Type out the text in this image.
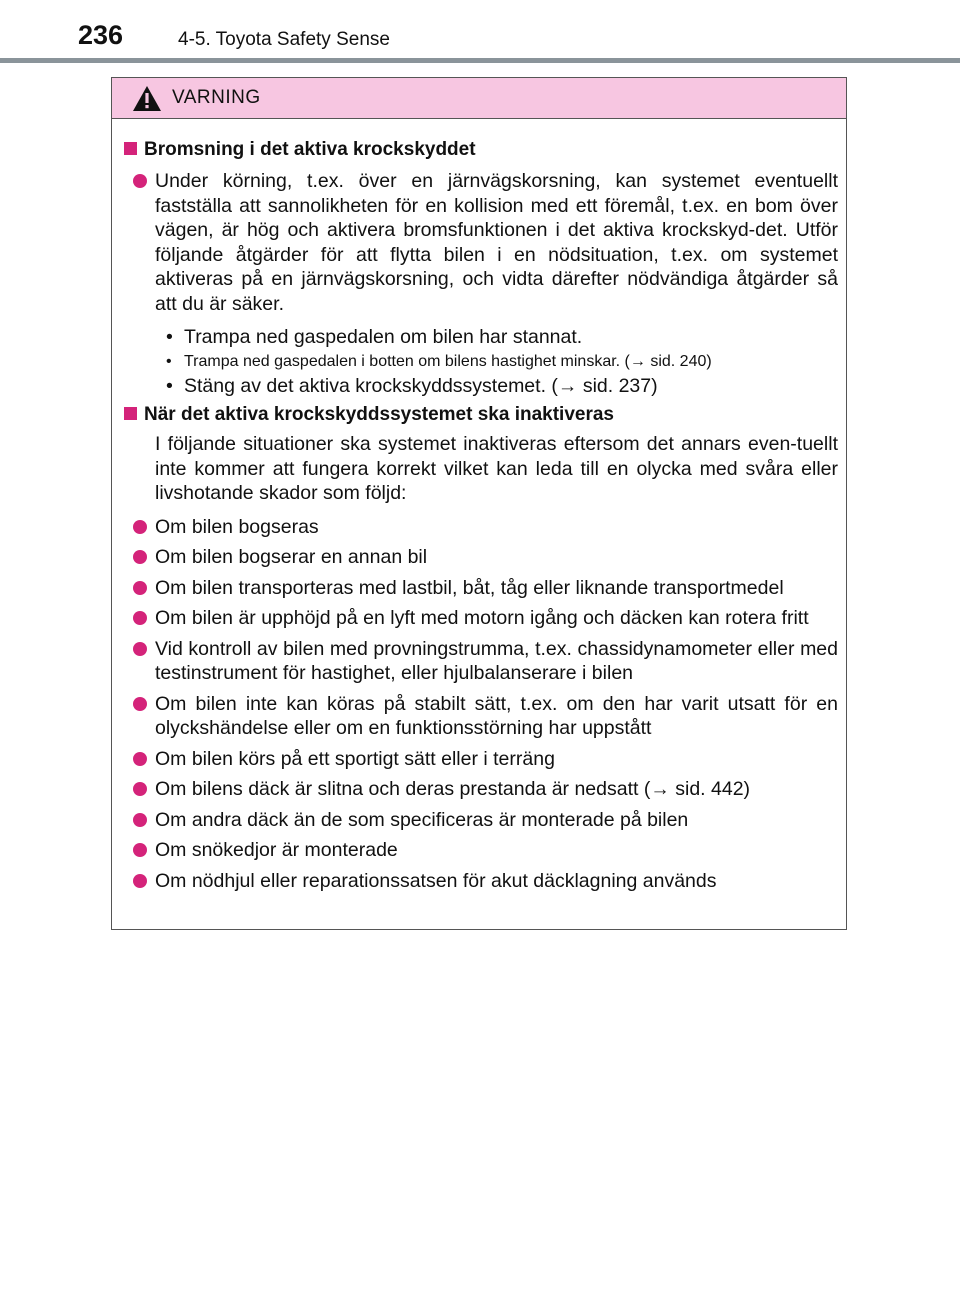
236	4-5. Toyota Safety Sense
VARNING
Bromsning i det aktiva krockskyddet
Under körning, t.ex. över en järnvägskorsning, kan systemet eventuellt fastställa att sannolikheten för en kollision med ett föremål, t.ex. en bom över vägen, är hög och aktivera bromsfunktionen i det aktiva krockskyd-det. Utför följande åtgärder för att flytta bilen i en nödsituation, t.ex. om systemet aktiveras på en järnvägskorsning, och vidta därefter nödvändiga åtgärder så att du är säker.
• Trampa ned gaspedalen om bilen har stannat.
• Trampa ned gaspedalen i botten om bilens hastighet minskar. (→ sid. 240)
• Stäng av det aktiva krockskyddssystemet. (→ sid. 237)
När det aktiva krockskyddssystemet ska inaktiveras
I följande situationer ska systemet inaktiveras eftersom det annars even-tuellt inte kommer att fungera korrekt vilket kan leda till en olycka med svåra eller livshotande skador som följd:
Om bilen bogseras
Om bilen bogserar en annan bil
Om bilen transporteras med lastbil, båt, tåg eller liknande transportmedel
Om bilen är upphöjd på en lyft med motorn igång och däcken kan rotera fritt
Vid kontroll av bilen med provningstrumma, t.ex. chassidynamometer eller med testinstrument för hastighet, eller hjulbalanserare i bilen
Om bilen inte kan köras på stabilt sätt, t.ex. om den har varit utsatt för en olyckshändelse eller om en funktionsstörning har uppstått
Om bilen körs på ett sportigt sätt eller i terräng
Om bilens däck är slitna och deras prestanda är nedsatt (→ sid. 442)
Om andra däck än de som specificeras är monterade på bilen
Om snökedjor är monterade
Om nödhjul eller reparationssatsen för akut däcklagning används
